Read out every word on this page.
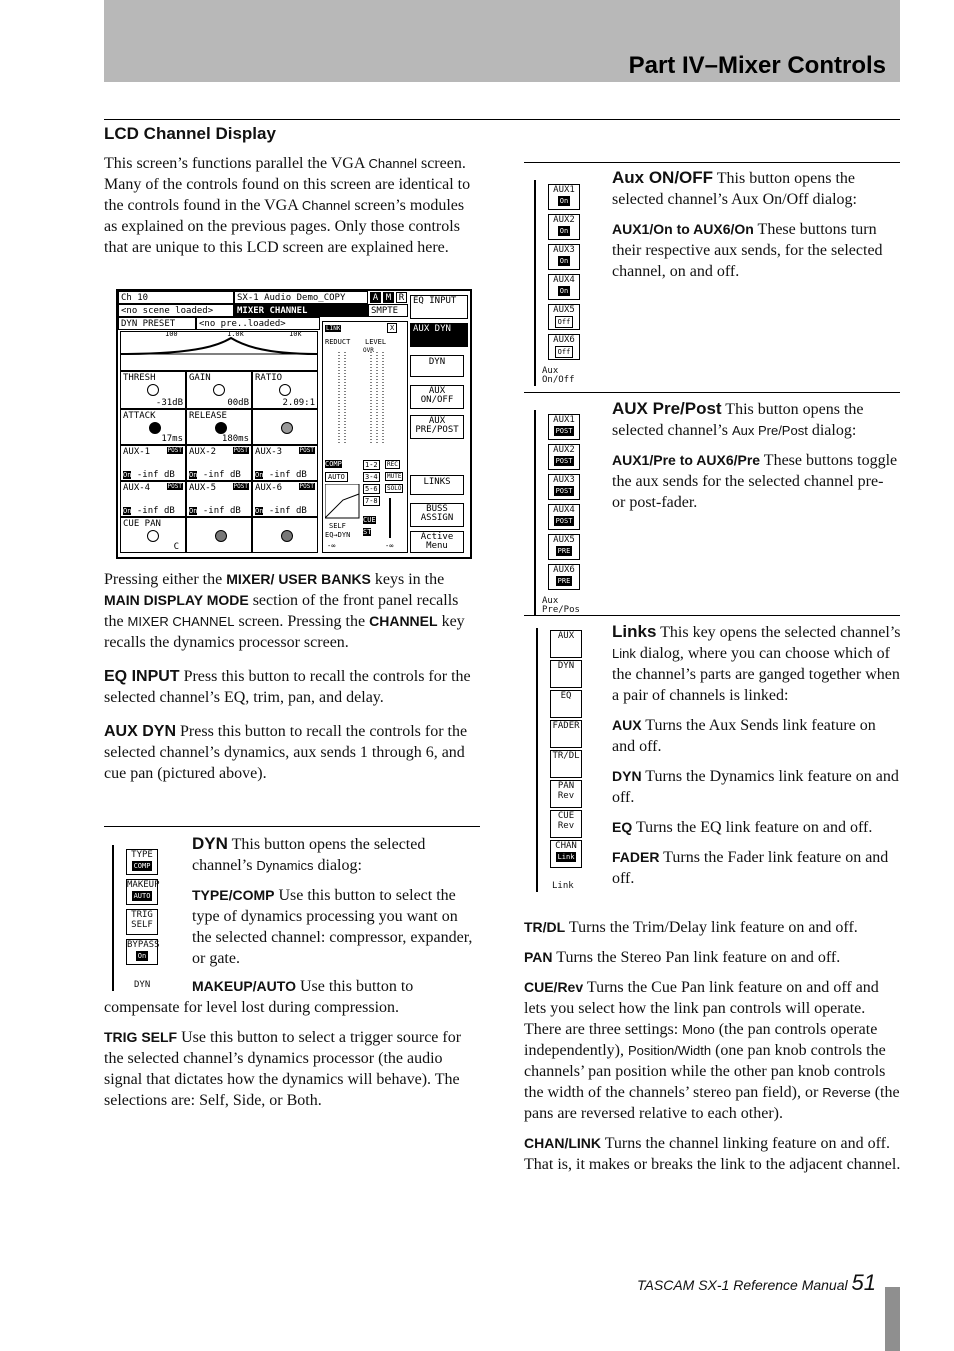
Part IV–Mixer Controls
LCD Channel Display
This screen’s functions parallel the VGA Channel screen. Many of the controls found on this screen are identical to the controls found in the VGA Channel screen’s modules as explained on the previous pages. Only those controls that are unique to this LCD screen are explained here.
Ch 10	SX-1 Audio Demo_COPY	A M R
<no scene loaded>	MIXER CHANNEL	SMPTE
DYN PRESET	<no pre..loaded>
100	1.0k	10k
THRESH
-31dB
GAIN
00dB
RATIO
2.09:1
ATTACK
17ms
RELEASE
180ms
AUX-1	POST
On -inf dB
AUX-2	POST
On -inf dB
AUX-3	POST
On -inf dB
AUX-4	POST
On -inf dB
AUX-5	POST
On -inf dB
AUX-6	POST
On -inf dB
CUE PAN
C
LINK	X
REDUCT LEVEL
OVR
COMP
AUTO
SELF
EQ→DYN
-∞
1-2
3-4
5-6
7-8
CUE
ST
REC
MUTE
SOLO
-∞
EQ INPUT
AUX DYN
DYN
AUX ON/OFF
AUX PRE/POST
LINKS
BUSS ASSIGN
Active Menu

Pressing either the MIXER/ USER BANKS keys in the MAIN DISPLAY MODE section of the front panel recalls the MIXER CHANNEL screen. Pressing the CHANNEL key recalls the dynamics processor screen.

EQ INPUT Press this button to recall the controls for the selected channel’s EQ, trim, pan, and delay.

AUX DYN Press this button to recall the controls for the selected channel’s dynamics, aux sends 1 through 6, and cue pan (pictured above).

TYPE
COMP
MAKEUP
AUTO
TRIG SELF
BYPASS
On
DYN

DYN This button opens the selected channel’s Dynamics dialog:

TYPE/COMP Use this button to select the type of dynamics processing you want on the selected channel: compressor, expander, or gate.

MAKEUP/AUTO Use this button to compensate for level lost during compression.

TRIG SELF Use this button to select a trigger source for the selected channel’s dynamics processor (the audio signal that dictates how the dynamics will behave). The selections are: Self, Side, or Both.

AUX1
On
AUX2
On
AUX3
On
AUX4
On
AUX5
Off
AUX6
Off
Aux On/Off

Aux ON/OFF This button opens the selected channel’s Aux On/Off dialog:

AUX1/On to AUX6/On These buttons turn their respective aux sends, for the selected channel, on and off.

AUX1
POST
AUX2
POST
AUX3
POST
AUX4
POST
AUX5
PRE
AUX6
PRE
Aux Pre/Pos

AUX Pre/Post This button opens the selected channel’s Aux Pre/Post dialog:

AUX1/Pre to AUX6/Pre These buttons toggle the aux sends for the selected channel pre- or post-fader.

AUX
DYN
EQ
FADER
TR/DL
PAN
Rev
CUE
Rev
CHAN
Link
Link

Links This key opens the selected channel’s Link dialog, where you can choose which of the channel’s parts are ganged together when a pair of channels is linked:

AUX Turns the Aux Sends link feature on and off.

DYN Turns the Dynamics link feature on and off.

EQ Turns the EQ link feature on and off.

FADER Turns the Fader link feature on and off.

TR/DL Turns the Trim/Delay link feature on and off.

PAN Turns the Stereo Pan link feature on and off.

CUE/Rev Turns the Cue Pan link feature on and off and lets you select how the link pan controls will operate. There are three settings: Mono (the pan controls operate independently), Position/Width (one pan knob controls the channels’ pan position while the other pan knob controls the width of the channels’ stereo pan field), or Reverse (the pans are reversed relative to each other).

CHAN/LINK Turns the channel linking feature on and off. That is, it makes or breaks the link to the adjacent channel.

TASCAM SX-1 Reference Manual 51
